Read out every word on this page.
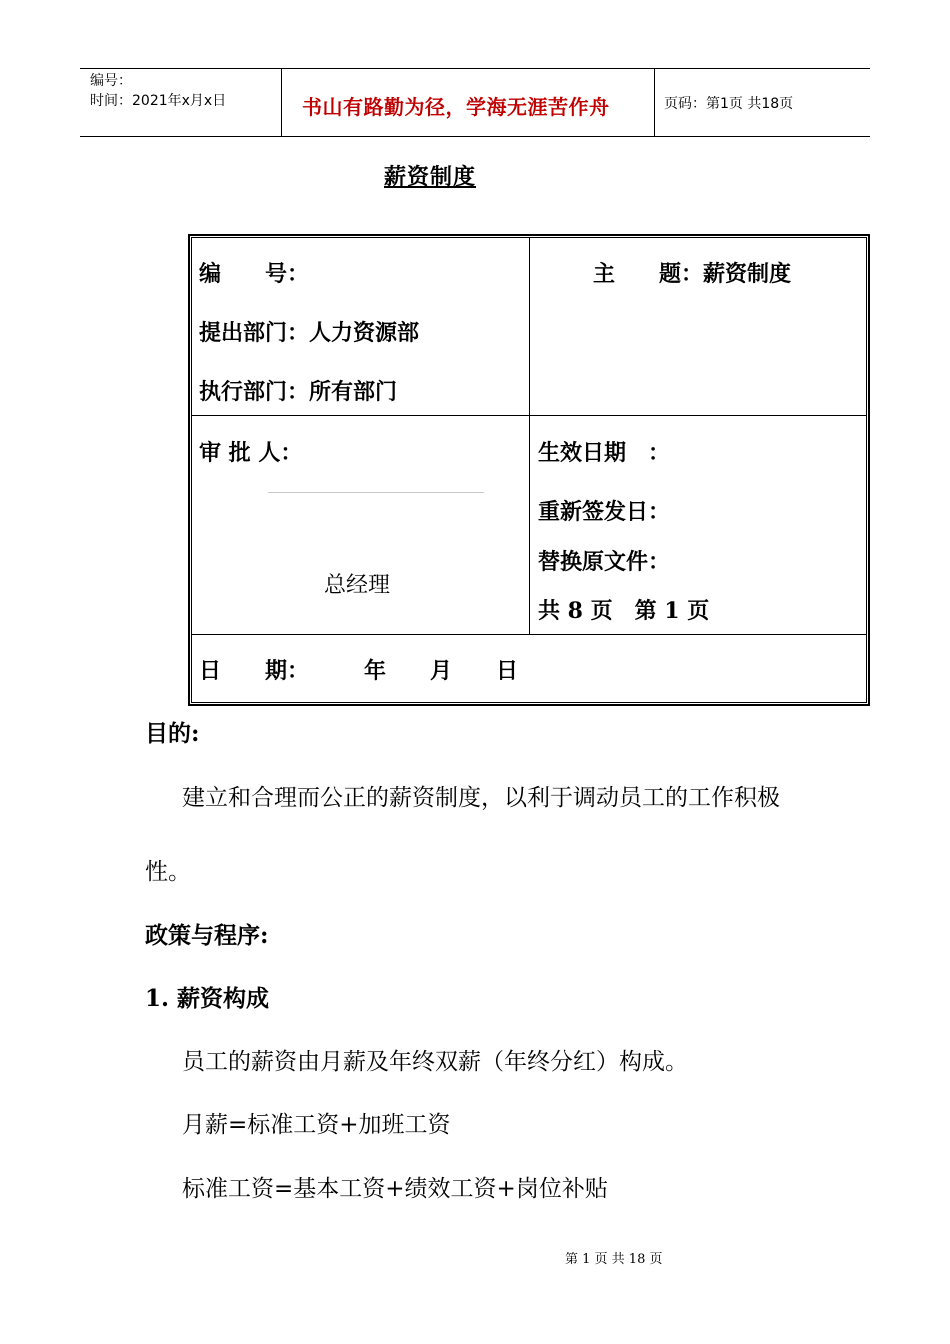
编号：
时间：2021年x月x日	书山有路勤为径，学海无涯苦作舟	页码：第1页 共18页
薪资制度
编　　号：
提出部门：人力资源部
执行部门：所有部门
主　　题：薪资制度
审 批 人：
总经理
生效日期　：
重新签发日：
替换原文件：
共 8 页　第 1 页
日　　期：　　　年　　月　　日
目的:
建立和合理而公正的薪资制度，以利于调动员工的工作积极
性。
政策与程序:
1. 薪资构成
员工的薪资由月薪及年终双薪（年终分红）构成。
月薪=标准工资+加班工资
标准工资=基本工资+绩效工资+岗位补贴
第 1 页 共 18 页
